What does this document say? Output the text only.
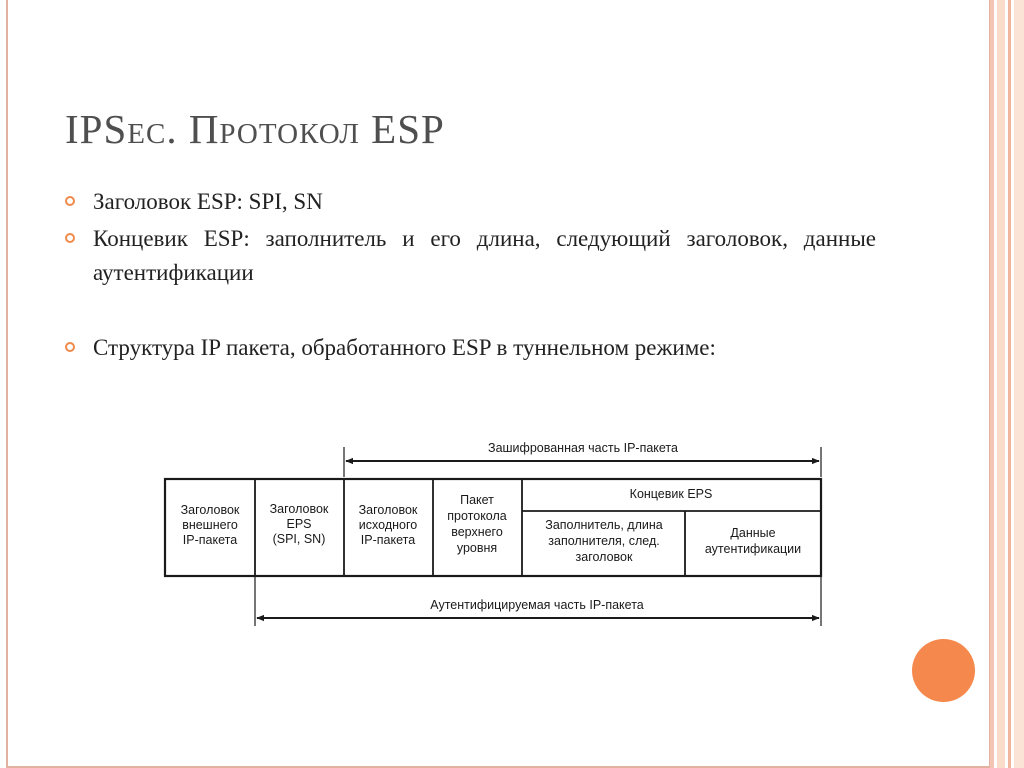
IPSec. Протокол ESP
Заголовок ESP: SPI, SN
Концевик ESP: заполнитель и его длина, следующий заголовок, данные аутентификации
Структура IP пакета, обработанного ESP в туннельном режиме:
Зашифрованная часть IP-пакета
Концевик EPS
Заголовок
внешнего
IP-пакета
Заголовок
EPS
(SPI, SN)
Заголовок
исходного
IP-пакета
Пакет
протокола
верхнего
уровня
Заполнитель, длина
заполнителя, след.
заголовок
Данные
аутентификации
Аутентифицируемая часть IP-пакета
